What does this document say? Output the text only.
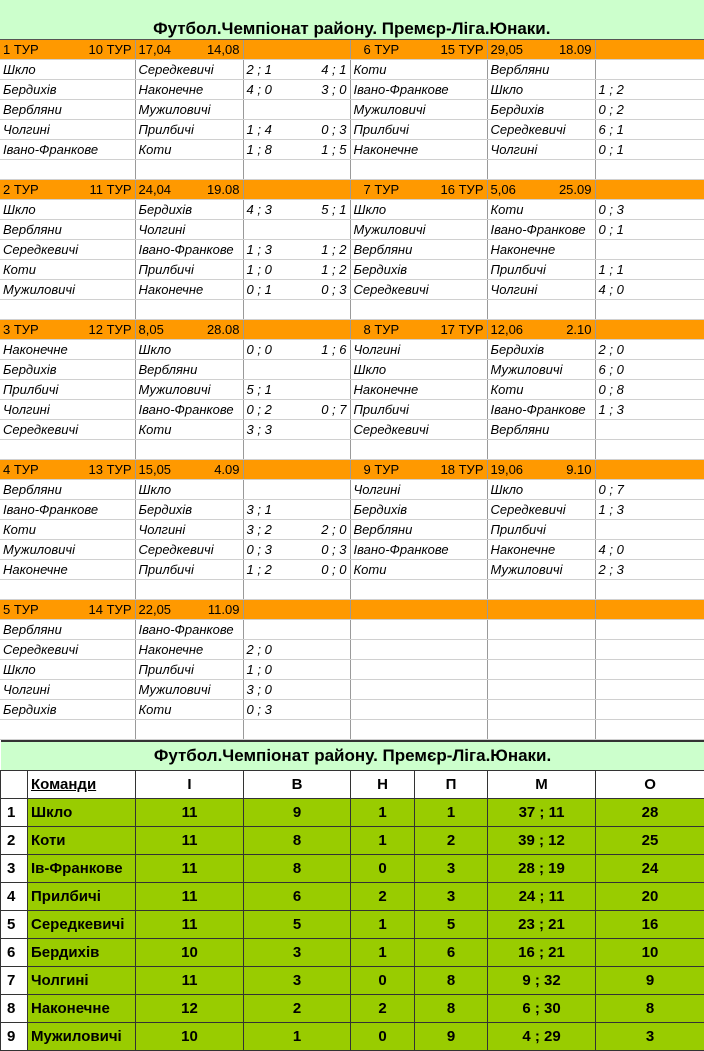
Футбол.Чемпіонат району. Премєр-Ліга.Юнаки.					

1 ТУР 10 ТУР	17,04 14,08		6 ТУР 15 ТУР	29,05 18.09	

Шкло	Середкевичі	2 ; 1 4 ; 1	Коти	Вербляни	
Бердихів	Наконечне	4 ; 0 3 ; 0	Івано-Франкове	Шкло	1 ; 2
Вербляни	Мужиловичі		Мужиловичі	Бердихів	0 ; 2
Чолгині	Прилбичі	1 ; 4 0 ; 3	Прилбичі	Середкевичі	6 ; 1
Івано-Франкове	Коти	1 ; 8 1 ; 5	Наконечне	Чолгині	0 ; 1

2 ТУР 11 ТУР	24,04 19.08		7 ТУР 16 ТУР	5,06 25.09	

Шкло	Бердихів	4 ; 3 5 ; 1	Шкло	Коти	0 ; 3
Вербляни	Чолгині		Мужиловичі	Івано-Франкове	0 ; 1
Середкевичі	Івано-Франкове	1 ; 3 1 ; 2	Вербляни	Наконечне	
Коти	Прилбичі	1 ; 0 1 ; 2	Бердихів	Прилбичі	1 ; 1
Мужиловичі	Наконечне	0 ; 1 0 ; 3	Середкевичі	Чолгині	4 ; 0

3 ТУР 12 ТУР	8,05 28.08		8 ТУР 17 ТУР	12,06 2.10	

Наконечне	Шкло	0 ; 0 1 ; 6	Чолгині	Бердихів	2 ; 0
Бердихів	Вербляни		Шкло	Мужиловичі	6 ; 0
Прилбичі	Мужиловичі	5 ; 1	Наконечне	Коти	0 ; 8
Чолгині	Івано-Франкове	0 ; 2 0 ; 7	Прилбичі	Івано-Франкове	1 ; 3
Середкевичі	Коти	3 ; 3	Середкевичі	Вербляни	

4 ТУР 13 ТУР	15,05 4.09		9 ТУР 18 ТУР	19,06 9.10	

Вербляни	Шкло		Чолгині	Шкло	0 ; 7
Івано-Франкове	Бердихів	3 ; 1	Бердихів	Середкевичі	1 ; 3
Коти	Чолгині	3 ; 2 2 ; 0	Вербляни	Прилбичі	
Мужиловичі	Середкевичі	0 ; 3 0 ; 3	Івано-Франкове	Наконечне	4 ; 0
Наконечне	Прилбичі	1 ; 2 0 ; 0	Коти	Мужиловичі	2 ; 3

5 ТУР 14 ТУР	22,05 11.09				

Вербляни	Івано-Франкове	

Середкевичі	Наконечне	2 ; 0			

Шкло	Прилбичі	1 ; 0			

Чолгині	Мужиловичі	3 ; 0			

Бердихів	Коти	0 ; 3			

Футбол.Чемпіонат району. Премєр-Ліга.Юнаки.							
	Команди	І	В	Н	П	М	О
1	Шкло	11	9	1	1	37 ; 11	28
2	Коти	11	8	1	2	39 ; 12	25
3	Ів-Франкове	11	8	0	3	28 ; 19	24
4	Прилбичі	11	6	2	3	24 ; 11	20
5	Середкевичі	11	5	1	5	23 ; 21	16
6	Бердихів	10	3	1	6	16 ; 21	10
7	Чолгині	11	3	0	8	9 ; 32	9
8	Наконечне	12	2	2	8	6 ; 30	8
9	Мужиловичі	10	1	0	9	4 ; 29	3
